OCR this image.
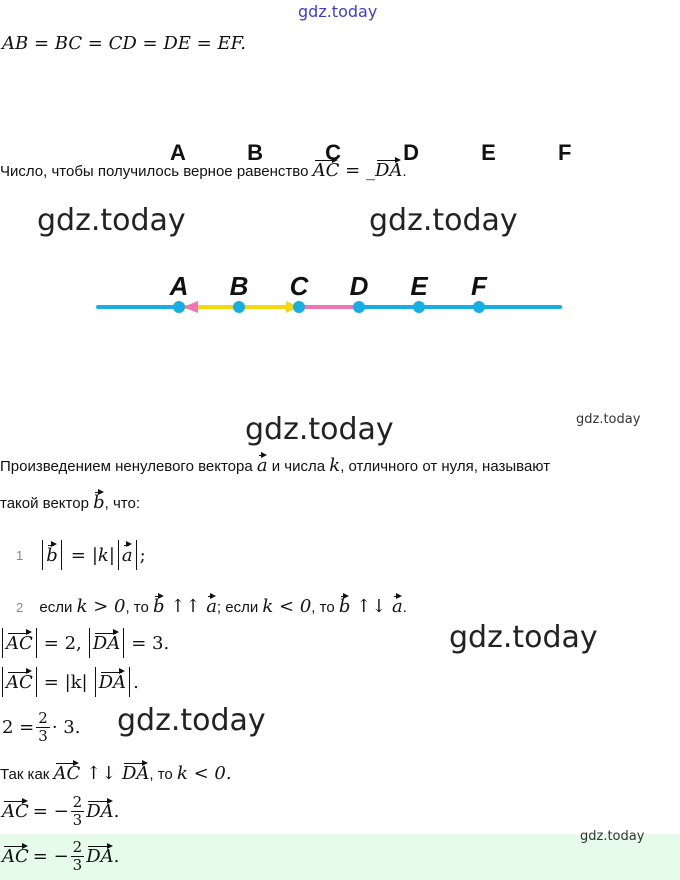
gdz.today
AB = BC = CD = DE = EF.
A B C D E F
Число, чтобы получилось верное равенство AC = _DA.
gdz.today	gdz.today
A B C D E F
gdz.today	gdz.today
Произведением ненулевого вектора a и числа k, отличного от нуля, называют
такой вектор b, что:
1 b = |k| a ;
2 если k > 0, то b ↑↑ a; если k < 0, то b ↑↓ a.
AC = 2, DA = 3.	gdz.today
AC = |k| DA .
$2 = \frac{2}{3} \cdot 3$. gdz.today
Так как AC ↑↓ DA, то k < 0.
AC = − $\frac{2}{3}$ DA .
gdz.today
AC = − $\frac{2}{3}$ DA .
